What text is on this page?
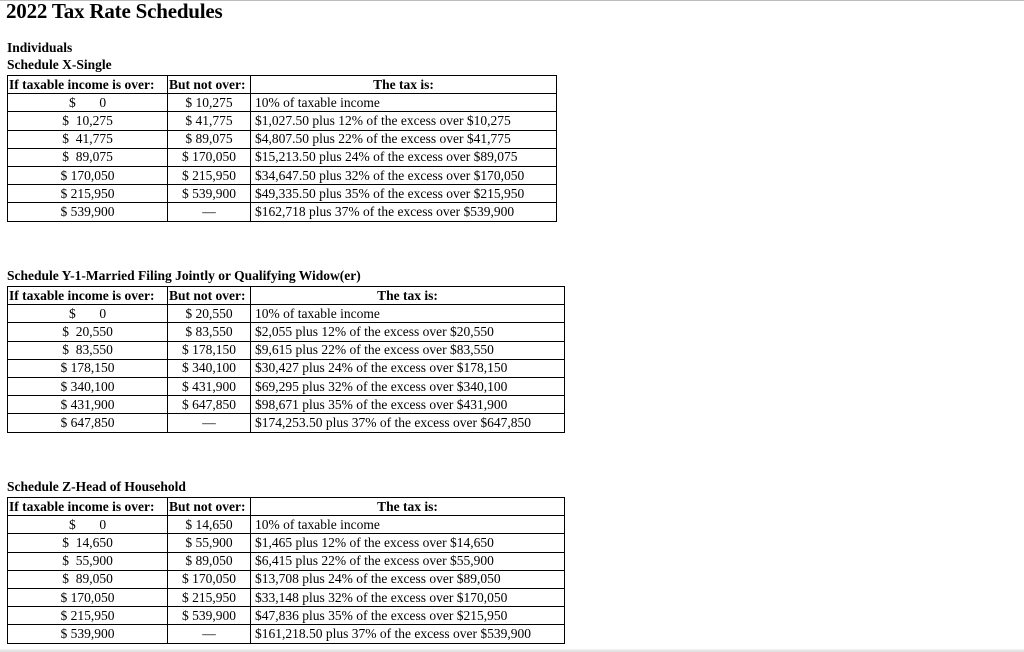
2022 Tax Rate Schedules
Individuals
Schedule X-Single
If taxable income is over:	But not over:	The tax is:
$       0	$ 10,275	10% of taxable income
$  10,275	$ 41,775	$1,027.50 plus 12% of the excess over $10,275
$  41,775	$ 89,075	$4,807.50 plus 22% of the excess over $41,775
$  89,075	$ 170,050	$15,213.50 plus 24% of the excess over $89,075
$ 170,050	$ 215,950	$34,647.50 plus 32% of the excess over $170,050
$ 215,950	$ 539,900	$49,335.50 plus 35% of the excess over $215,950
$ 539,900	—	$162,718 plus 37% of the excess over $539,900
Schedule Y-1-Married Filing Jointly or Qualifying Widow(er)
If taxable income is over:	But not over:	The tax is:
$       0	$ 20,550	10% of taxable income
$  20,550	$ 83,550	$2,055 plus 12% of the excess over $20,550
$  83,550	$ 178,150	$9,615 plus 22% of the excess over $83,550
$ 178,150	$ 340,100	$30,427 plus 24% of the excess over $178,150
$ 340,100	$ 431,900	$69,295 plus 32% of the excess over $340,100
$ 431,900	$ 647,850	$98,671 plus 35% of the excess over $431,900
$ 647,850	—	$174,253.50 plus 37% of the excess over $647,850
Schedule Z-Head of Household
If taxable income is over:	But not over:	The tax is:
$       0	$ 14,650	10% of taxable income
$  14,650	$ 55,900	$1,465 plus 12% of the excess over $14,650
$  55,900	$ 89,050	$6,415 plus 22% of the excess over $55,900
$  89,050	$ 170,050	$13,708 plus 24% of the excess over $89,050
$ 170,050	$ 215,950	$33,148 plus 32% of the excess over $170,050
$ 215,950	$ 539,900	$47,836 plus 35% of the excess over $215,950
$ 539,900	—	$161,218.50 plus 37% of the excess over $539,900
